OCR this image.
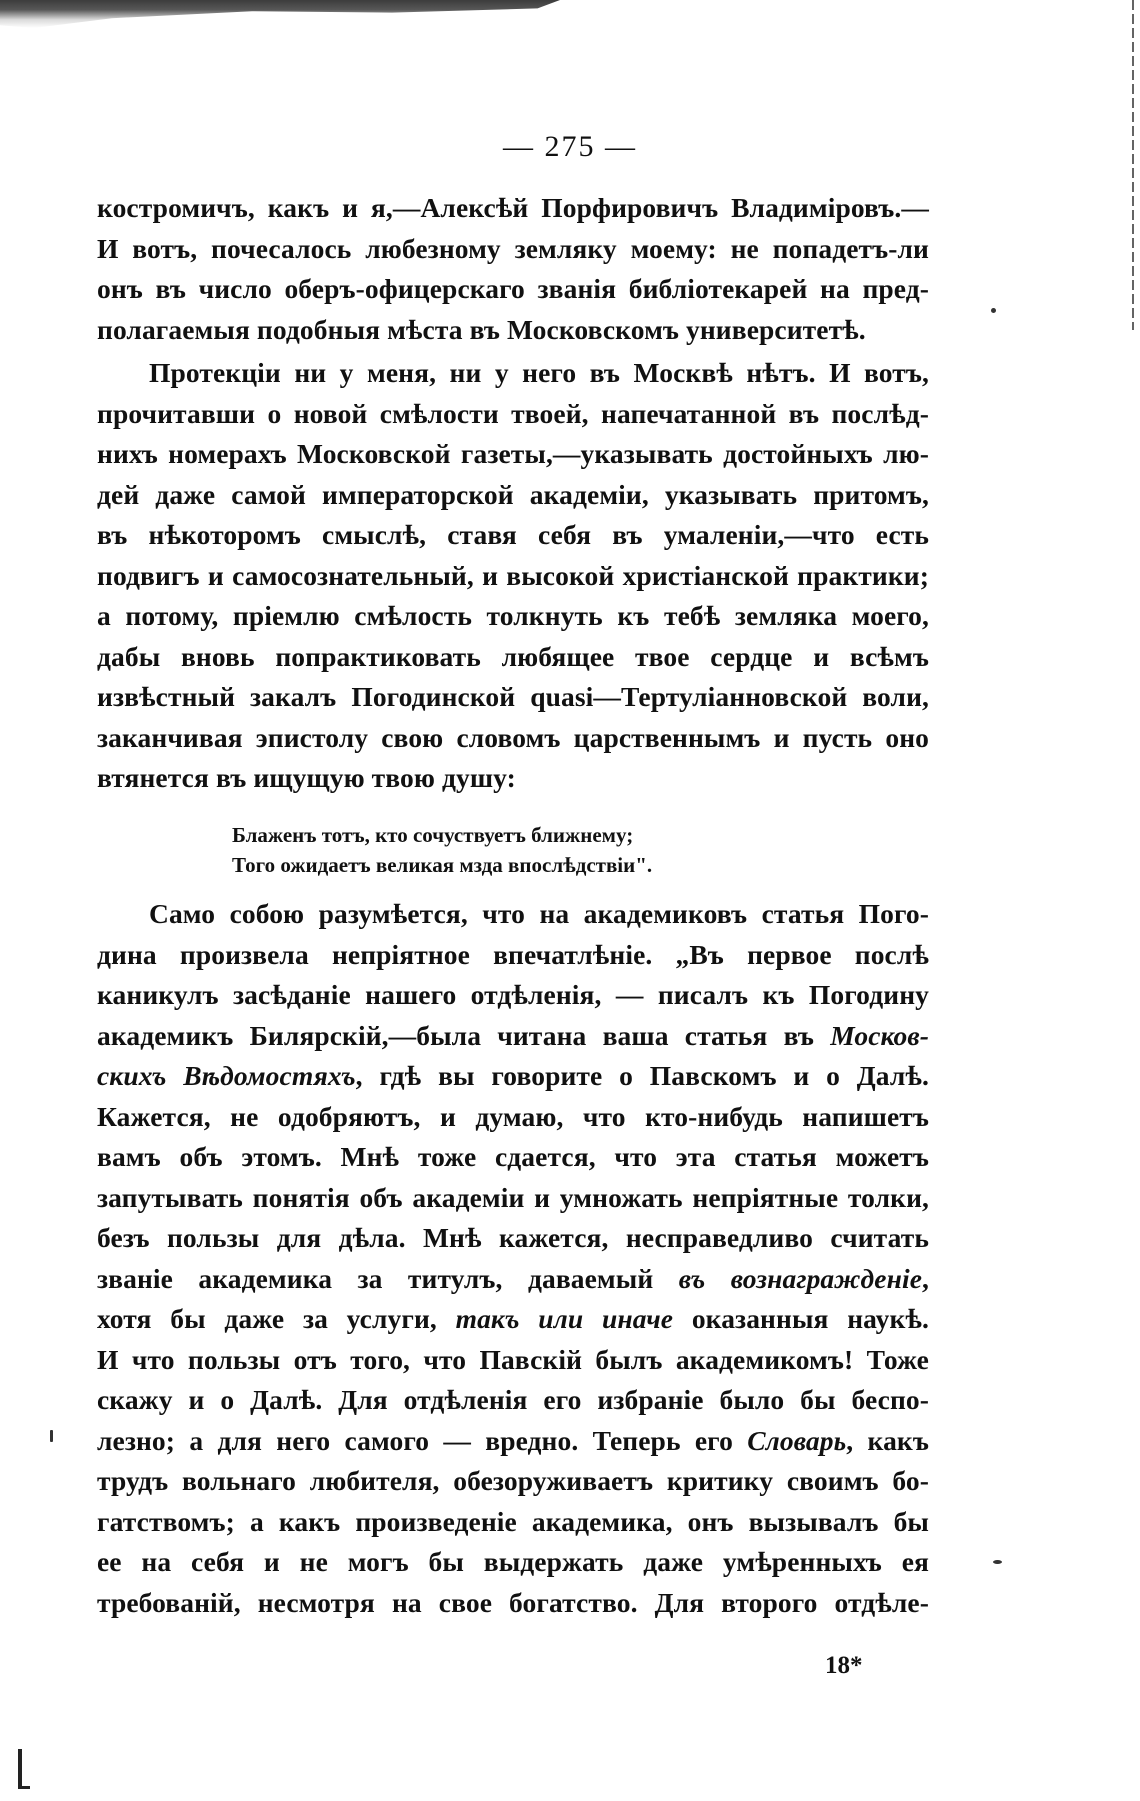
— 275 —
костромичъ, какъ и я,—Алексѣй Порфировичъ Владиміровъ.—
И вотъ, почесалось любезному земляку моему: не попадетъ-ли
онъ въ число оберъ-офицерскаго званія библіотекарей на пред-
полагаемыя подобныя мѣста въ Московскомъ университетѣ.
Протекціи ни у меня, ни у него въ Москвѣ нѣтъ. И вотъ,
прочитавши о новой смѣлости твоей, напечатанной въ послѣд-
нихъ номерахъ Московской газеты,—указывать достойныхъ лю-
дей даже самой императорской академіи, указывать притомъ,
въ нѣкоторомъ смыслѣ, ставя себя въ умаленіи,—что есть
подвигъ и самосознательный, и высокой христіанской практики;
а потому, пріемлю смѣлость толкнуть къ тебѣ земляка моего,
дабы вновь попрактиковать любящее твое сердце и всѣмъ
извѣстный закалъ Погодинской quasi—Тертуліанновской воли,
заканчивая эпистолу свою словомъ царственнымъ и пусть оно
втянется въ ищущую твою душу:
Блаженъ тотъ, кто сочуствуетъ ближнему;
Того ожидаетъ великая мзда впослѣдствіи".
Само собою разумѣется, что на академиковъ статья Пого-
дина произвела непріятное впечатлѣніе. „Въ первое послѣ
каникулъ засѣданіе нашего отдѣленія, — писалъ къ Погодину
академикъ Билярскій,—была читана ваша статья въ Москов-
скихъ Вѣдомостяхъ, гдѣ вы говорите о Павскомъ и о Далѣ.
Кажется, не одобряютъ, и думаю, что кто-нибудь напишетъ
вамъ объ этомъ. Мнѣ тоже сдается, что эта статья можетъ
запутывать понятія объ академіи и умножать непріятные толки,
безъ пользы для дѣла. Мнѣ кажется, несправедливо считать
званіе академика за титулъ, даваемый въ вознагражденіе,
хотя бы даже за услуги, такъ или иначе оказанныя наукѣ.
И что пользы отъ того, что Павскій былъ академикомъ! Тоже
скажу и о Далѣ. Для отдѣленія его избраніе было бы беспо-
лезно; а для него самого — вредно. Теперь его Словарь, какъ
трудъ вольнаго любителя, обезоруживаетъ критику своимъ бо-
гатствомъ; а какъ произведеніе академика, онъ вызывалъ бы
ее на себя и не могъ бы выдержать даже умѣренныхъ ея
требованій, несмотря на свое богатство. Для второго отдѣле-
18*
